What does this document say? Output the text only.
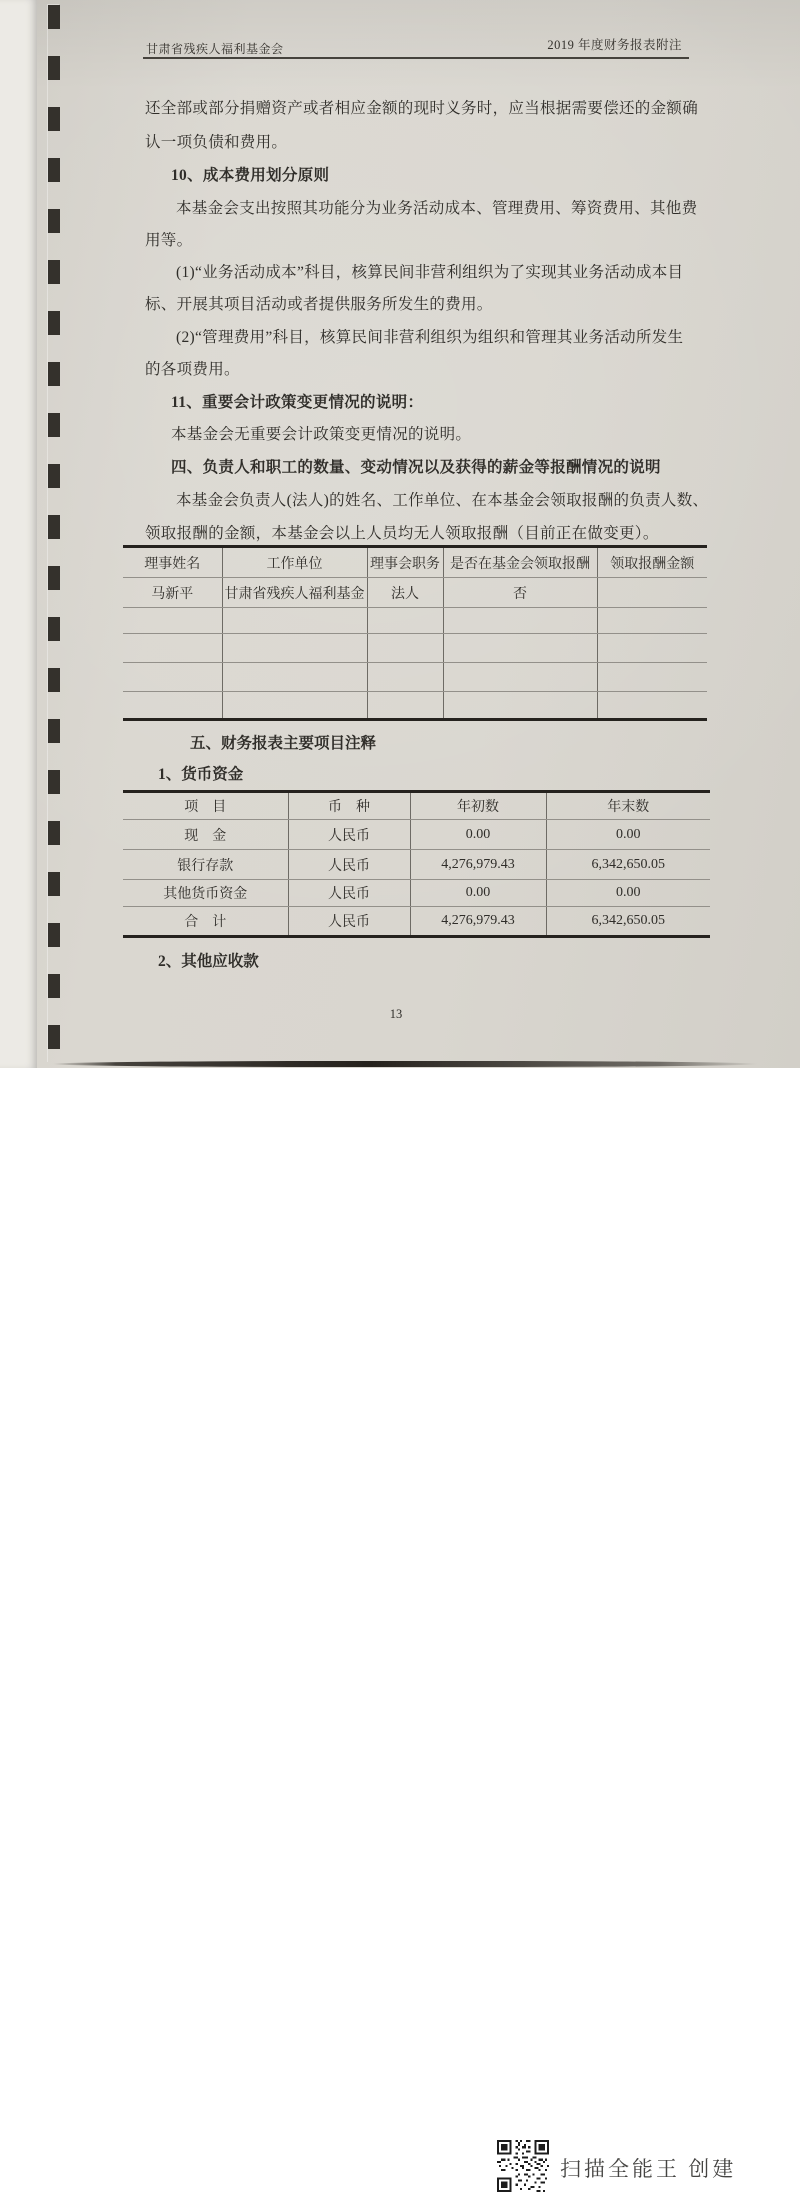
甘肃省残疾人福利基金会	2019 年度财务报表附注
还全部或部分捐赠资产或者相应金额的现时义务时，应当根据需要偿还的金额确
认一项负债和费用。
10、成本费用划分原则
本基金会支出按照其功能分为业务活动成本、管理费用、筹资费用、其他费
用等。
(1)“业务活动成本”科目，核算民间非营利组织为了实现其业务活动成本目
标、开展其项目活动或者提供服务所发生的费用。
(2)“管理费用”科目，核算民间非营利组织为组织和管理其业务活动所发生
的各项费用。
11、重要会计政策变更情况的说明：
本基金会无重要会计政策变更情况的说明。
四、负责人和职工的数量、变动情况以及获得的薪金等报酬情况的说明
本基金会负责人(法人)的姓名、工作单位、在本基金会领取报酬的负责人数、
领取报酬的金额，本基金会以上人员均无人领取报酬（目前正在做变更）。
理事姓名	工作单位	理事会职务	是否在基金会领取报酬	领取报酬金额
马新平	甘肃省残疾人福利基金	法人	否	

五、财务报表主要项目注释
1、货币资金
项　目	币　种	年初数	年末数
现　金	人民币	0.00	0.00
银行存款	人民币	4,276,979.43	6,342,650.05
其他货币资金	人民币	0.00	0.00
合　计	人民币	4,276,979.43	6,342,650.05
2、其他应收款
13
扫描全能王 创建
